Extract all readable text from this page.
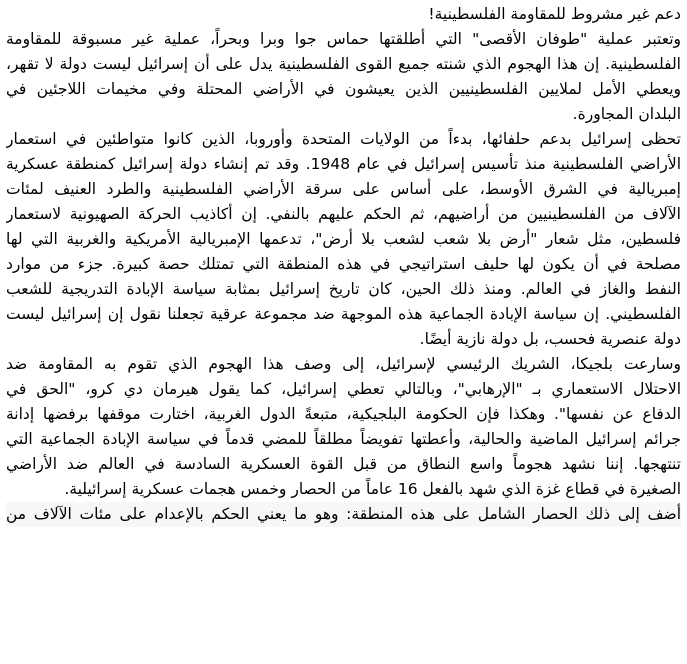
دعم غير مشروط للمقاومة الفلسطينية!

وتعتبر عملية "طوفان الأقصى" التي أطلقتها حماس جوا وبرا وبحراً، عملية غير مسبوقة للمقاومة
الفلسطينية. إن هذا الهجوم الذي شنته جميع القوى الفلسطينية يدل على أن إسرائيل ليست دولة لا تقهر،
ويعطي الأمل لملايين الفلسطينيين الذين يعيشون في الأراضي المحتلة وفي مخيمات اللاجئين في
البلدان المجاورة.

تحظى إسرائيل بدعم حلفائها، بدءاً من الولايات المتحدة وأوروبا، الذين كانوا متواطئين في استعمار
الأراضي الفلسطينية منذ تأسيس إسرائيل في عام 1948. وقد تم إنشاء دولة إسرائيل كمنطقة عسكرية
إمبريالية في الشرق الأوسط، على أساس على سرقة الأراضي الفلسطينية والطرد العنيف لمئات
الآلاف من الفلسطينيين من أراضيهم، ثم الحكم عليهم بالنفي. إن أكاذيب الحركة الصهيونية لاستعمار
فلسطين، مثل شعار "أرض بلا شعب لشعب بلا أرض"، تدعمها الإمبريالية الأمريكية والغربية التي لها
مصلحة في أن يكون لها حليف استراتيجي في هذه المنطقة التي تمتلك حصة كبيرة. جزء من موارد
النفط والغاز في العالم. ومنذ ذلك الحين، كان تاريخ إسرائيل بمثابة سياسة الإبادة التدريجية للشعب
الفلسطيني. إن سياسة الإبادة الجماعية هذه الموجهة ضد مجموعة عرقية تجعلنا نقول إن إسرائيل ليست
دولة عنصرية فحسب، بل دولة نازية أيضًا.

وسارعت بلجيكا، الشريك الرئيسي لإسرائيل، إلى وصف هذا الهجوم الذي تقوم به المقاومة ضد
الاحتلال الاستعماري بـ "الإرهابي"، وبالتالي تعطي إسرائيل، كما يقول هيرمان دي كرو، "الحق في
الدفاع عن نفسها". وهكذا فإن الحكومة البلجيكية، متبعةً الدول الغربية، اختارت موقفها برفضها إدانة
جرائم إسرائيل الماضية والحالية، وأعطتها تفويضاً مطلقاً للمضي قدماً في سياسة الإبادة الجماعية التي
تنتهجها. إننا نشهد هجوماً واسع النطاق من قبل القوة العسكرية السادسة في العالم ضد الأراضي
الصغيرة في قطاع غزة الذي شهد بالفعل 16 عاماً من الحصار وخمس هجمات عسكرية إسرائيلية.

أضف إلى ذلك الحصار الشامل على هذه المنطقة: وهو ما يعني الحكم بالإعدام على مئات الآلاف من
